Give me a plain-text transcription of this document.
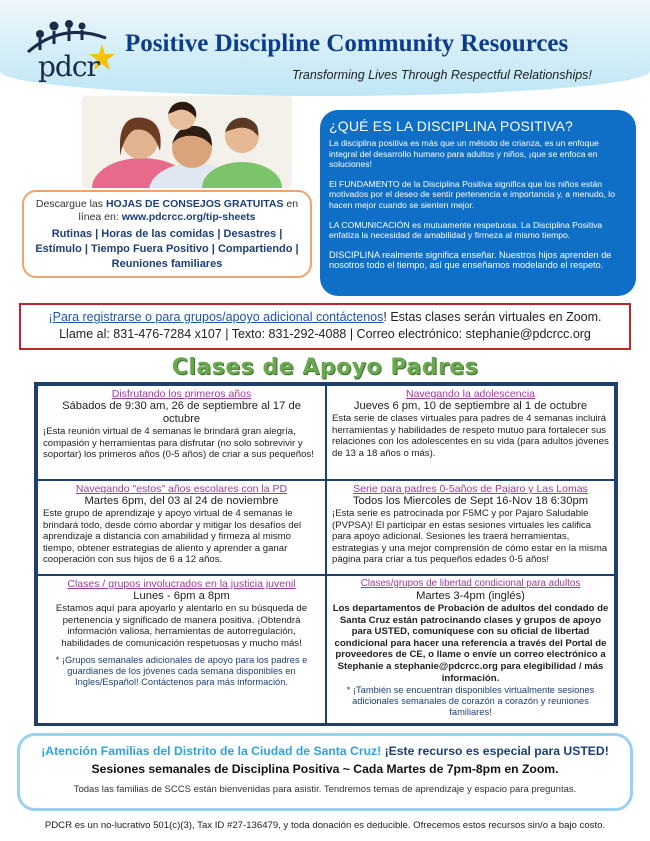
pdcr
Positive Discipline Community Resources
Transforming Lives Through Respectful Relationships!
Descargue las HOJAS DE CONSEJOS GRATUITAS en
línea en: www.pdcrcc.org/tip-sheets
Rutinas | Horas de las comidas | Desastres | Estímulo | Tiempo Fuera Positivo | Compartiendo | Reuniones familiares
¿QUÉ ES LA DISCIPLINA POSITIVA?
La disciplina positiva es más que un método de crianza, es un enfoque integral del desarrollo humano para adultos y niños, ¡que se enfoca en soluciones!
El FUNDAMENTO de la Disciplina Positiva significa que los niños están motivados por el deseo de sentir pertenencia e importancia y, a menudo, lo hacen mejor cuando se sienten mejor.
LA COMUNICACIÓN es mutuamente respetuosa. La Disciplina Positiva enfatiza la necesidad de amabilidad y firmeza al mismo tiempo.
DISCIPLINA realmente significa enseñar. Nuestros hijos aprenden de nosotros todo el tiempo, así que enseñamos modelando el respeto.
¡Para registrarse o para grupos/apoyo adicional contáctenos! Estas clases serán virtuales en Zoom.
Llame al: 831-476-7284 x107 | Texto: 831-292-4088 | Correo electrónico: stephanie@pdcrcc.org
Clases de Apoyo Padres
Disfrutando los primeros años
Sábados de 9:30 am, 26 de septiembre al 17 de octubre
¡Esta reunión virtual de 4 semanas le brindará gran alegría, compasión y herramientas para disfrutar (no solo sobrevivir y soportar) los primeros años (0-5 años) de criar a sus pequeños!
Navegando la adolescencia
Jueves 6 pm, 10 de septiembre al 1 de octubre
Esta serie de clases virtuales para padres de 4 semanas incluirá herramientas y habilidades de respeto mutuo para fortalecer sus relaciones con los adolescentes en su vida (para adultos jóvenes de 13 a 18 años o más).
Navegando "estos" años escolares con la PD
Martes 6pm, del 03 al 24 de noviembre
Este grupo de aprendizaje y apoyo virtual de 4 semanas le brindará todo, desde cómo abordar y mitigar los desafíos del aprendizaje a distancia con amabilidad y firmeza al mismo tiempo, obtener estrategias de aliento y aprender a ganar cooperación con sus hijos de 6 a 12 años.
Serie para padres 0-5años de Pajaro y Las Lomas
Todos los Miercoles de Sept 16-Nov 18 6:30pm
¡Esta serie es patrocinada por F5MC y por Pajaro Saludable (PVPSA)! El participar en estas sesiones virtuales les califica para apoyo adicional. Sesiones les traerá herramientas, estrategias y una mejor comprensión de cómo estar en la misma página para criar a tus pequeños edades 0-5 años!
Clases / grupos involucrados en la justicia juvenil
Lunes - 6pm a 8pm
Estamos aquí para apoyarlo y alentarlo en su búsqueda de pertenencia y significado de manera positiva. ¡Obtendrá información valiosa, herramientas de autorregulación, habilidades de comunicación respetuosas y mucho más!
* ¡Grupos semanales adicionales de apoyo para los padres e guardianes de los jóvenes cada semana disponibles en Ingles/Español! Contáctenos para más información.
Clases/grupos de libertad condicional para adultos
Martes 3-4pm (inglés)
Los departamentos de Probación de adultos del condado de Santa Cruz están patrocinando clases y grupos de apoyo para USTED, comuníquese con su oficial de libertad condicional para hacer una referencia a través del Portal de proveedores de CE, o llame o envíe un correo electrónico a Stephanie a stephanie@pdcrcc.org para elegibilidad / más información.
* ¡También se encuentran disponibles virtualmente sesiones adicionales semanales de corazón a corazón y reuniones familiares!
¡Atención Familias del Distrito de la Ciudad de Santa Cruz! ¡Este recurso es especial para USTED!
Sesiones semanales de Disciplina Positiva ~ Cada Martes de 7pm-8pm en Zoom.
Todas las familias de SCCS están bienvenidas para asistir. Tendremos temas de aprendizaje y espacio para preguntas.
PDCR es un no-lucrativo 501(c)(3), Tax ID #27-136479, y toda donación es deducible. Ofrecemos estos recursos sin/o a bajo costo.
